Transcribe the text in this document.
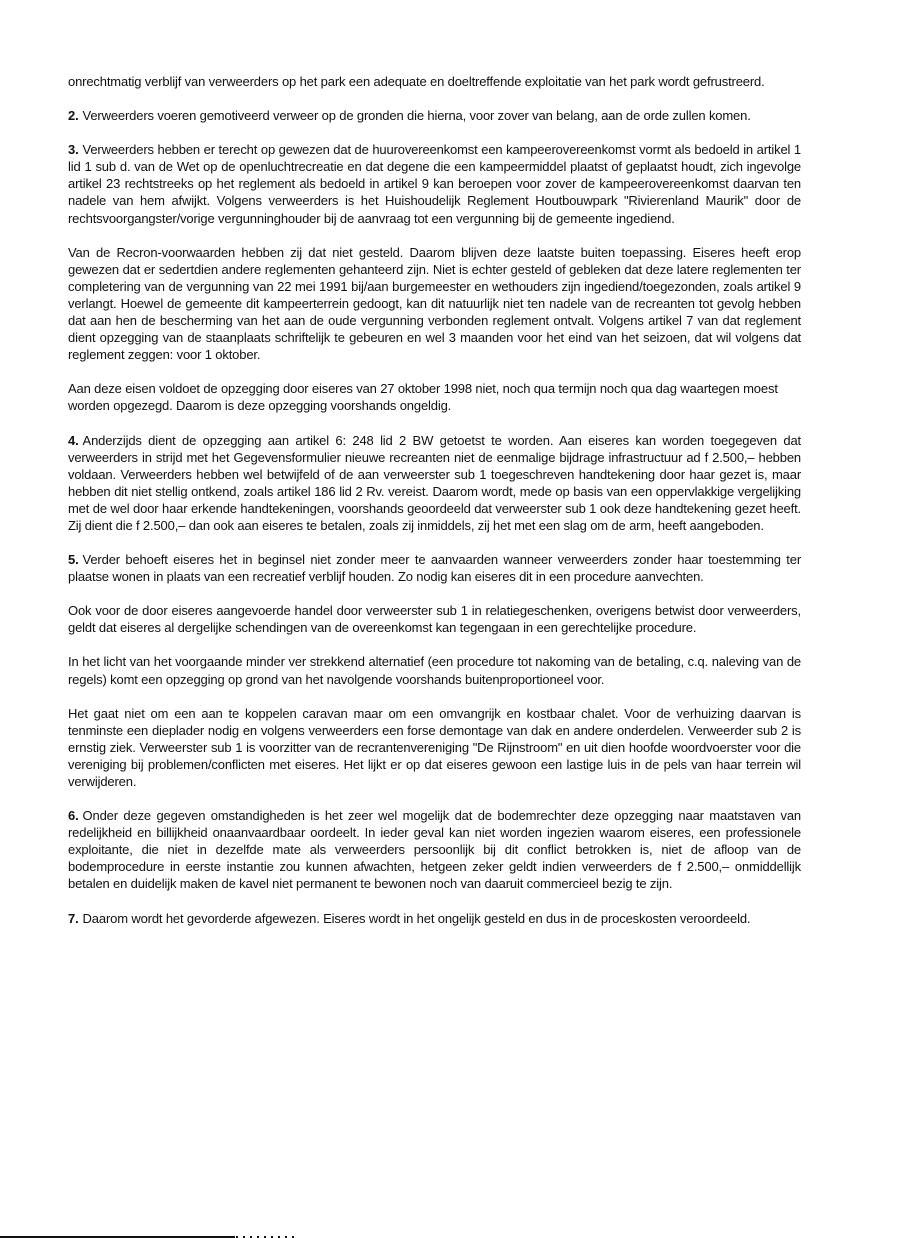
onrechtmatig verblijf van verweerders op het park een adequate en doeltreffende exploitatie van het park wordt gefrustreerd.

2. Verweerders voeren gemotiveerd verweer op de gronden die hierna, voor zover van belang, aan de orde zullen komen.

3. Verweerders hebben er terecht op gewezen dat de huurovereenkomst een kampeerovereenkomst vormt als bedoeld in artikel 1 lid 1 sub d. van de Wet op de openluchtrecreatie en dat degene die een kampeermiddel plaatst of geplaatst houdt, zich ingevolge artikel 23 rechtstreeks op het reglement als bedoeld in artikel 9 kan beroepen voor zover de kampeerovereenkomst daarvan ten nadele van hem afwijkt. Volgens verweerders is het Huishoudelijk Reglement Houtbouwpark "Rivierenland Maurik" door de rechtsvoorgangster/vorige vergunninghouder bij de aanvraag tot een vergunning bij de gemeente ingediend.

Van de Recron-voorwaarden hebben zij dat niet gesteld. Daarom blijven deze laatste buiten toepassing. Eiseres heeft erop gewezen dat er sedertdien andere reglementen gehanteerd zijn. Niet is echter gesteld of gebleken dat deze latere reglementen ter completering van de vergunning van 22 mei 1991 bij/aan burgemeester en wethouders zijn ingediend/toegezonden, zoals artikel 9 verlangt. Hoewel de gemeente dit kampeerterrein gedoogt, kan dit natuurlijk niet ten nadele van de recreanten tot gevolg hebben dat aan hen de bescherming van het aan de oude vergunning verbonden reglement ontvalt. Volgens artikel 7 van dat reglement dient opzegging van de staanplaats schriftelijk te gebeuren en wel 3 maanden voor het eind van het seizoen, dat wil volgens dat reglement zeggen: voor 1 oktober.

Aan deze eisen voldoet de opzegging door eiseres van 27 oktober 1998 niet, noch qua termijn noch qua dag waartegen moest worden opgezegd. Daarom is deze opzegging voorshands ongeldig.

4. Anderzijds dient de opzegging aan artikel 6: 248 lid 2 BW getoetst te worden. Aan eiseres kan worden toegegeven dat verweerders in strijd met het Gegevensformulier nieuwe recreanten niet de eenmalige bijdrage infrastructuur ad f 2.500,– hebben voldaan. Verweerders hebben wel betwijfeld of de aan verweerster sub 1 toegeschreven handtekening door haar gezet is, maar hebben dit niet stellig ontkend, zoals artikel 186 lid 2 Rv. vereist. Daarom wordt, mede op basis van een oppervlakkige vergelijking met de wel door haar erkende handtekeningen, voorshands geoordeeld dat verweerster sub 1 ook deze handtekening gezet heeft. Zij dient die f 2.500,– dan ook aan eiseres te betalen, zoals zij inmiddels, zij het met een slag om de arm, heeft aangeboden.

5. Verder behoeft eiseres het in beginsel niet zonder meer te aanvaarden wanneer verweerders zonder haar toestemming ter plaatse wonen in plaats van een recreatief verblijf houden. Zo nodig kan eiseres dit in een procedure aanvechten.

Ook voor de door eiseres aangevoerde handel door verweerster sub 1 in relatiegeschenken, overigens betwist door verweerders, geldt dat eiseres al dergelijke schendingen van de overeenkomst kan tegengaan in een gerechtelijke procedure.

In het licht van het voorgaande minder ver strekkend alternatief (een procedure tot nakoming van de betaling, c.q. naleving van de regels) komt een opzegging op grond van het navolgende voorshands buitenproportioneel voor.

Het gaat niet om een aan te koppelen caravan maar om een omvangrijk en kostbaar chalet. Voor de verhuizing daarvan is tenminste een dieplader nodig en volgens verweerders een forse demontage van dak en andere onderdelen. Verweerder sub 2 is ernstig ziek. Verweerster sub 1 is voorzitter van de recrantenvereniging "De Rijnstroom" en uit dien hoofde woordvoerster voor die vereniging bij problemen/conflicten met eiseres. Het lijkt er op dat eiseres gewoon een lastige luis in de pels van haar terrein wil verwijderen.

6. Onder deze gegeven omstandigheden is het zeer wel mogelijk dat de bodemrechter deze opzegging naar maatstaven van redelijkheid en billijkheid onaanvaardbaar oordeelt. In ieder geval kan niet worden ingezien waarom eiseres, een professionele exploitante, die niet in dezelfde mate als verweerders persoonlijk bij dit conflict betrokken is, niet de afloop van de bodemprocedure in eerste instantie zou kunnen afwachten, hetgeen zeker geldt indien verweerders de f 2.500,– onmiddellijk betalen en duidelijk maken de kavel niet permanent te bewonen noch van daaruit commercieel bezig te zijn.

7. Daarom wordt het gevorderde afgewezen. Eiseres wordt in het ongelijk gesteld en dus in de proceskosten veroordeeld.
